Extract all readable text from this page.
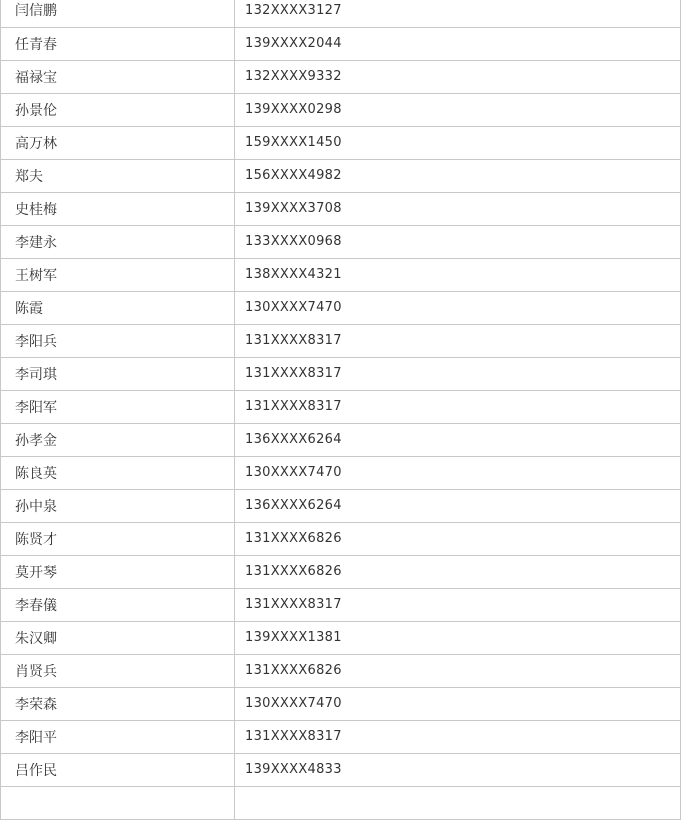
闫信鹏	132XXXX3127
任青春	139XXXX2044
福禄宝	132XXXX9332
孙景伦	139XXXX0298
高万林	159XXXX1450
郑夫	156XXXX4982
史桂梅	139XXXX3708
李建永	133XXXX0968
王树军	138XXXX4321
陈霞	130XXXX7470
李阳兵	131XXXX8317
李司琪	131XXXX8317
李阳军	131XXXX8317
孙孝金	136XXXX6264
陈良英	130XXXX7470
孙中泉	136XXXX6264
陈贤才	131XXXX6826
莫开琴	131XXXX6826
李春儀	131XXXX8317
朱汉卿	139XXXX1381
肖贤兵	131XXXX6826
李荣森	130XXXX7470
李阳平	131XXXX8317
吕作民	139XXXX4833
